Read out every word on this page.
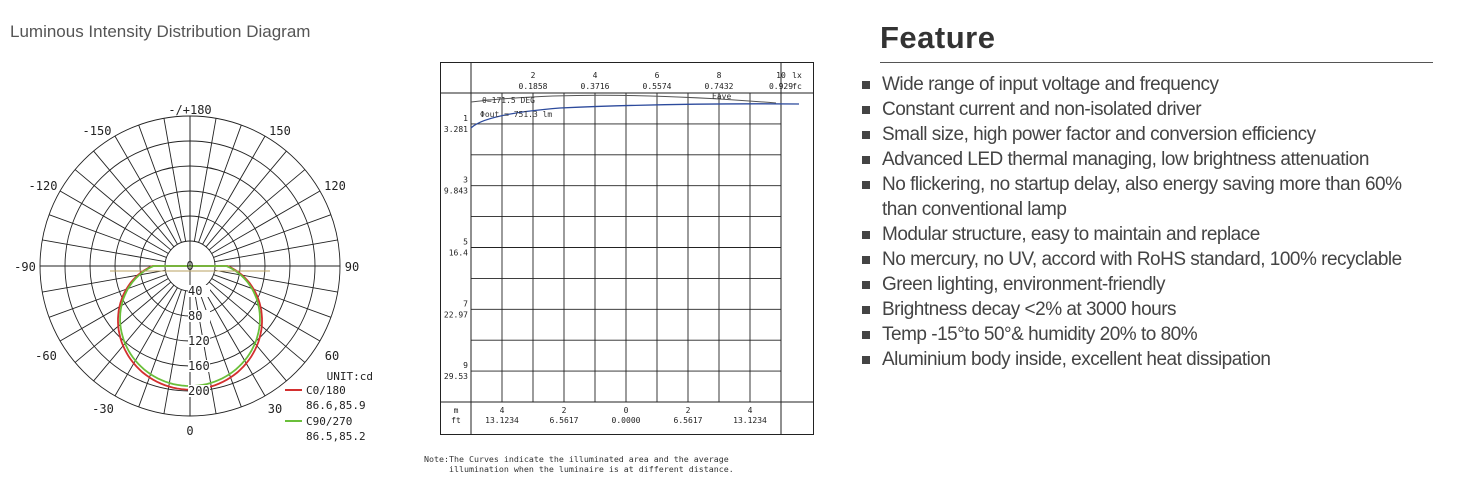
Luminous Intensity Distribution Diagram
-/+180
-150	150
-120	120
-90	90
-60	60
-30	30
0
0
40
80
120
160
200
UNIT:cd
C0/180
86.6,85.9
C90/270
86.5,85.2
2
0.1858
4
0.3716
6
0.5574
8
0.7432
10
0.929
1
3.281
3
9.843
5
16.4
7
22.97
9
29.53
4
13.1234
2
6.5617
0
0.0000
2
6.5617
4
13.1234
lx
fc
m
ft
θ=171.5 DEG
Φout = 751.3 lm
Eave
Note:The Curves indicate the illuminated area and the average
illumination when the luminaire is at different distance.
Feature
Wide range of input voltage and frequency
Constant current and non-isolated driver
Small size, high power factor and conversion efficiency
Advanced LED thermal managing, low brightness attenuation
No flickering, no startup delay, also energy saving more than 60% than conventional lamp
Modular structure, easy to maintain and replace
No mercury, no UV, accord with RoHS standard, 100% recyclable
Green lighting, environment-friendly
Brightness decay <2% at 3000 hours
Temp -15°to 50°& humidity 20% to 80%
Aluminium body inside, excellent heat dissipation
